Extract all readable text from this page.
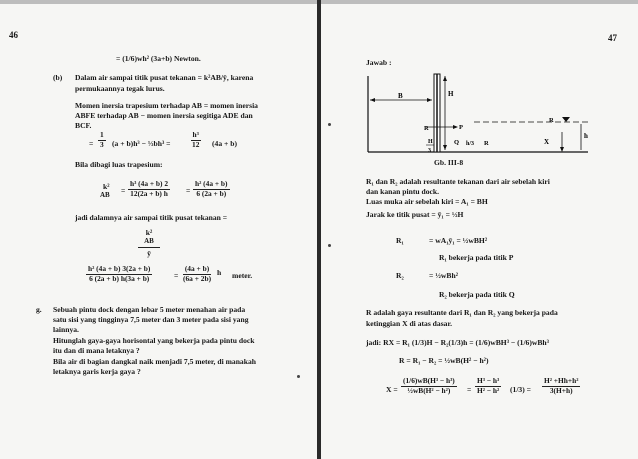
46
= (1/6)wh² (3a+b) Newton.
(b) Dalam air sampai titik pusat tekanan = k²AB/ȳ, karena
permukaannya tegak lurus.
Momen inersia trapesium terhadap AB = momen inersia
ABFE terhadap AB − momen inersia segitiga ADE dan
BCF.
= $\frac{1}{3} (a + b)h^3$ − ⅓bh³ =	$\frac{\text{h³}}{12} (4a + b)$
Bila dibagi luas trapesium:
k²
AB = $\frac{\text{h³ (4a + b) 2}}{12(2a + b) h} = \frac{\text{h² (4a + b)}}{6 (2a + b)}$
jadi dalamnya air sampai titik pusat tekanan =
k²
AB
ȳ
$\frac{\text{h² (4a + b) 3(2a + b)}}{6 (2a + b) h(3a + b)}$	= $\frac{(4a + b)}{(6a + 2b)}$ h meter.
g. Sebuah pintu dock dengan lebar 5 meter menahan air pada
satu sisi yang tingginya 7,5 meter dan 3 meter pada sisi yang
lainnya.
Hitunglah gaya-gaya horisontal yang bekerja pada pintu dock
itu dan di mana letaknya ?
Bila air di bagian dangkal naik menjadi 7,5 meter, di manakah
letaknya garis kerja gaya ?
47
Jawab :
B	H
R
h
X
R	P
H
3
Q h/3 R
Gb. III-8
R₁ dan R₂ adalah resultante tekanan dari air sebelah kiri
dan kanan pintu dock.
Luas muka air sebelah kiri = A₁ = BH
Jarak ke titik pusat = ȳ₁ = ½H
R₁	= wA₁ȳ₁ = ½wBH²
R₁ bekerja pada titik P
R₂	= ½wBh²
R₂ bekerja pada titik Q
R adalah gaya resultante dari R₁ dan R₂ yang bekerja pada
ketinggian X di atas dasar.
jadi: RX = R₁ (1/3)H − R₂(1/3)h = (1/6)wBH³ − (1/6)wBh³
R = R₁ − R₂ = ½wB(H² − h²)
$X = \frac{\text{(1/6)wB(H³ − h³)}}{\text{½wB(H² − h²)}} = \frac{\text{H³ − h³}}{\text{H² − h²}} (1/3) = \frac{\text{H² +Hh+h²}}{3(H+h)}$
